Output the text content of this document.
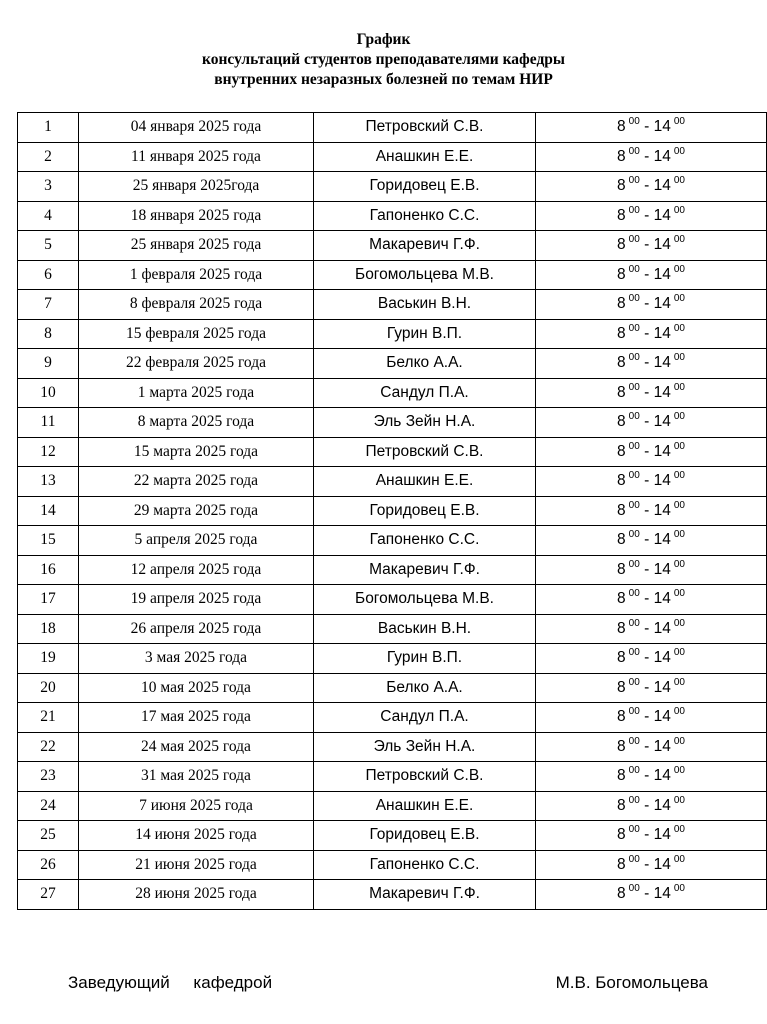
График
консультаций студентов преподавателями кафедры
внутренних незаразных болезней по темам НИР
1	04 января 2025 года	Петровский С.В.	8 $^{00}$ - 14 $^{00}$
2	11 января 2025 года	Анашкин Е.Е.	8 $^{00}$ - 14 $^{00}$
3	25 января 2025года	Горидовец Е.В.	8 $^{00}$ - 14 $^{00}$
4	18 января 2025 года	Гапоненко С.С.	8 $^{00}$ - 14 $^{00}$
5	25 января 2025 года	Макаревич Г.Ф.	8 $^{00}$ - 14 $^{00}$
6	1 февраля 2025 года	Богомольцева М.В.	8 $^{00}$ - 14 $^{00}$
7	8 февраля 2025 года	Васькин В.Н.	8 $^{00}$ - 14 $^{00}$
8	15 февраля 2025 года	Гурин В.П.	8 $^{00}$ - 14 $^{00}$
9	22 февраля 2025 года	Белко А.А.	8 $^{00}$ - 14 $^{00}$
10	1 марта 2025 года	Сандул П.А.	8 $^{00}$ - 14 $^{00}$
11	8 марта 2025 года	Эль Зейн Н.А.	8 $^{00}$ - 14 $^{00}$
12	15 марта 2025 года	Петровский С.В.	8 $^{00}$ - 14 $^{00}$
13	22 марта 2025 года	Анашкин Е.Е.	8 $^{00}$ - 14 $^{00}$
14	29 марта 2025 года	Горидовец Е.В.	8 $^{00}$ - 14 $^{00}$
15	5 апреля 2025 года	Гапоненко С.С.	8 $^{00}$ - 14 $^{00}$
16	12 апреля 2025 года	Макаревич Г.Ф.	8 $^{00}$ - 14 $^{00}$
17	19 апреля 2025 года	Богомольцева М.В.	8 $^{00}$ - 14 $^{00}$
18	26 апреля 2025 года	Васькин В.Н.	8 $^{00}$ - 14 $^{00}$
19	3 мая 2025 года	Гурин В.П.	8 $^{00}$ - 14 $^{00}$
20	10 мая 2025 года	Белко А.А.	8 $^{00}$ - 14 $^{00}$
21	17 мая 2025 года	Сандул П.А.	8 $^{00}$ - 14 $^{00}$
22	24 мая 2025 года	Эль Зейн Н.А.	8 $^{00}$ - 14 $^{00}$
23	31 мая 2025 года	Петровский С.В.	8 $^{00}$ - 14 $^{00}$
24	7 июня 2025 года	Анашкин Е.Е.	8 $^{00}$ - 14 $^{00}$
25	14 июня 2025 года	Горидовец Е.В.	8 $^{00}$ - 14 $^{00}$
26	21 июня 2025 года	Гапоненко С.С.	8 $^{00}$ - 14 $^{00}$
27	28 июня 2025 года	Макаревич Г.Ф.	8 $^{00}$ - 14 $^{00}$
Заведующий кафедрой	М.В. Богомольцева
